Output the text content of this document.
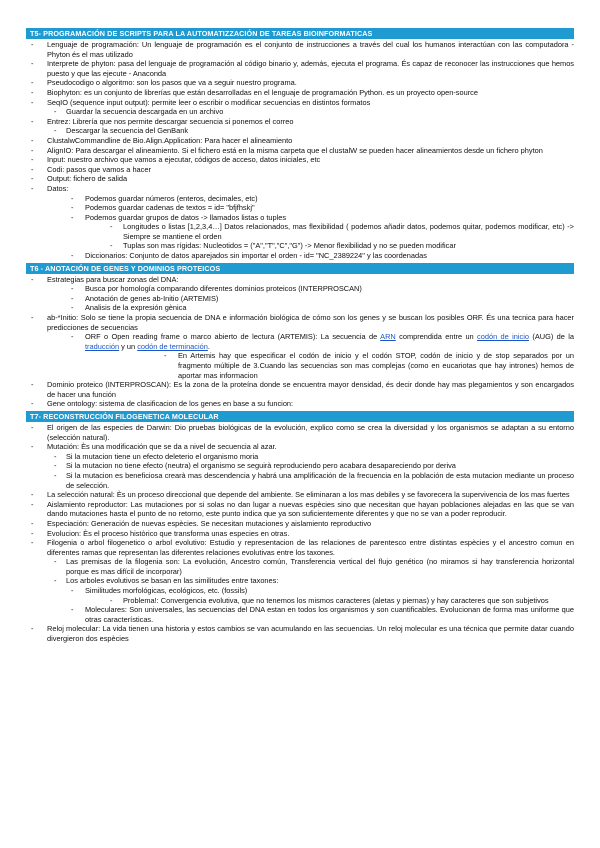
T5- PROGRAMACIÓN DE SCRIPTS PARA LA AUTOMATIZZACIÓN DE TAREAS BIOINFORMATICAS
- Lenguaje de programación: Un lenguaje de programación es el conjunto de instrucciones a través del cual los humanos interactúan con las computadora - Phyton és el mas utilizado
- Interprete de phyton: pasa del lenguaje de programación al código binario y, además, ejecuta el programa. És capaz de reconocer las instrucciones que hemos puesto y que las ejecute - Anaconda
- Pseudocodigo o algoritmo: son los pasos que va a seguir nuestro programa.
- Biophyton: es un conjunto de librerías que están desarrolladas en el lenguaje de programación Python. es un proyecto open-source
- SeqIO (sequence input output): permite leer o escribir o modificar secuencias en distintos formatos
- Guardar la secuencia descargada en un archivo
- Entrez: Librería que nos permite descargar secuencia si ponemos el correo
- Descargar la secuencia del GenBank
- ClustalwCommandline de Bio.Align.Application: Para hacer el alineamiento
- AlignIO: Para descargar el alineamiento. Si el fichero está en la misma carpeta que el clustalW se pueden hacer alineamientos desde un fichero phyton
- Input: nuestro archivo que vamos a ejecutar, códigos de acceso, datos iniciales, etc
- Codi: pasos que vamos a hacer
- Output: fichero de salida
- Datos:
- Podemos guardar números (enteros, decimales, etc)
- Podemos guardar cadenas de textos = id= "bfjfhskj"
- Podemos guardar grupos de datos -> llamados listas o tuples
- Longitudes o listas [1,2,3,4…] Datos relacionados, mas flexibilidad ( podemos añadir datos, podemos quitar, podemos modificar, etc) -> Siempre se mantiene el orden
- Tuplas son mas rígidas: Nucleotidos = ("A","T","C","G") -> Menor flexibilidad y no se pueden modificar
- Diccionarios: Conjunto de datos aparejados sin importar el orden - id= "NC_2389224" y las coordenadas
T6 - ANOTACIÓN DE GENES Y DOMINIOS PROTEICOS
- Estrategias para buscar zonas del DNA:
- Busca por homología comparando diferentes dominios proteicos (INTERPROSCAN)
- Anotación de genes ab-Initio (ARTEMIS)
- Analisis de la expresión gènica
- ab-*Initio: Solo se tiene la propia secuencia de DNA e información biológica de cómo son los genes y se buscan los posibles ORF. És una tecnica para hacer predicciones de secuencias
- ORF o Open reading frame o marco abierto de lectura (ARTEMIS): La secuencia de ARN comprendida entre un codón de inicio (AUG) de la traducción y un codón de terminación.
- En Artemis hay que especificar el codón de inicio y el codón STOP, codón de inicio y de stop separados por un fragmento múltiple de 3.Cuando las secuencias son mas complejas (como en eucariotas que hay intrones) hemos de aportar mas informacion
- Dominio proteico (INTERPROSCAN): Es la zona de la proteína donde se encuentra mayor densidad, és decir donde hay mas plegamientos y son encargados de hacer una función
- Gene ontology: sistema de clasificacion de los genes en base a su funcion:
T7- RECONSTRUCCIÓN FILOGENETICA MOLECULAR
- El origen de las especies de Darwin: Dio pruebas biológicas de la evolución, explico como se crea la diversidad y los organismos se adaptan a su entorno (selección natural).
- Mutación: Ès una modificación que se da a nivel de secuencia al azar.
- Si la mutacion tiene un efecto deleterio el organismo moria
- Si la mutacion no tiene efecto (neutra) el organismo se seguirà reproduciendo pero acabara desapareciendo por deriva
- Si la mutacion es beneficiosa crearà mas descendencia y habrá una amplificación de la frecuencia en la población de esta mutacion mediante un proceso de selección.
- La selección natural: Ès un proceso direccional que depende del ambiente. Se eliminaran a los mas debiles y se favorecera la supervivencia de los mas fuertes
- Aislamiento reproductor: Las mutaciones por si solas no dan lugar a nuevas espècies sino que necesitan que hayan poblaciones alejadas en las que se van dando mutaciones hasta el punto de no retorno, este punto indica que ya son suficientemente diferentes y que no se van a poder reproducir.
- Especiación: Generación de nuevas espècies. Se necesitan mutaciones y aislamiento reproductivo
- Evolucion: Ès el proceso històrico que transforma unas especies en otras.
- Filogenia o arbol filogenetico o arbol evolutivo: Estudio y representacion de las relaciones de parentesco entre distintas espècies y el ancestro comun en diferentes ramas que representan las diferentes relaciones evolutivas entre los taxones.
- Las premisas de la filogenia son: La evolución, Ancestro común, Transferencia vertical del flujo genético (no miramos si hay transferencia horizontal porque es mas difícil de incorporar)
- Los arboles evolutivos se basan en las similitudes entre taxones:
- Similitudes morfológicas, ecológicos, etc. (fossils)
- Problema!: Convergencia evolutiva, que no tenemos los mismos caracteres (aletas y piernas) y hay caracteres que son subjetivos
- Moleculares: Son universales, las secuencias del DNA estan en todos los organismos y son cuantificables. Evolucionan de forma mas uniforme que otras características.
- Reloj molecular: La vida tienen una historia y estos cambios se van acumulando en las secuencias. Un reloj molecular es una técnica que permite datar cuando divergieron dos espècies
